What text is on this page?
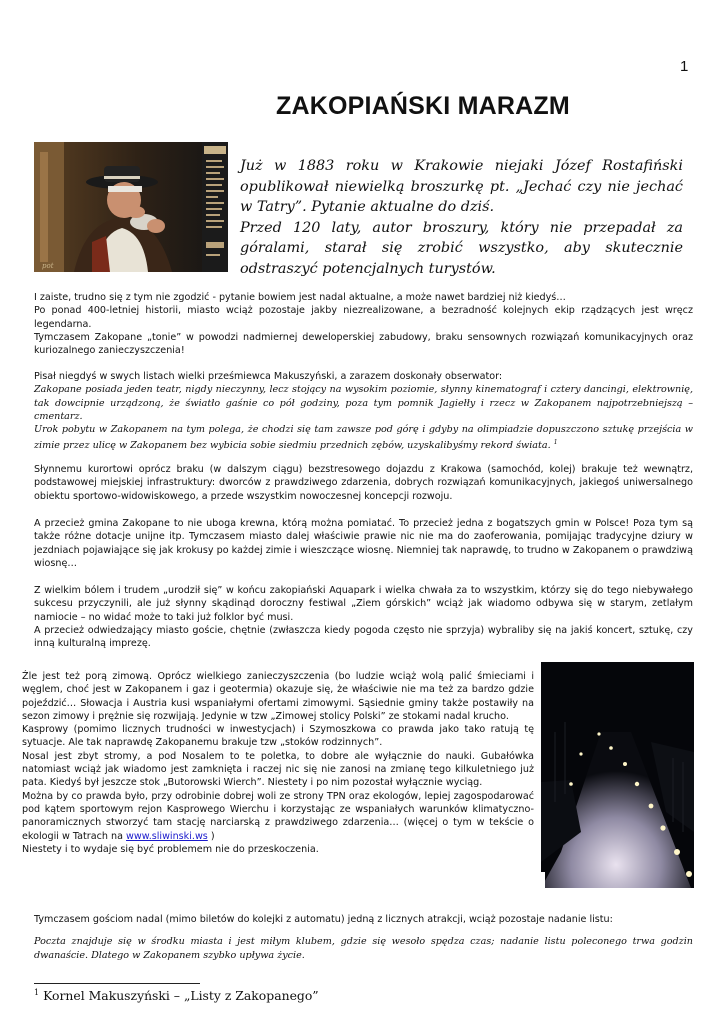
1
ZAKOPIAŃSKI MARAZM
pot

Już w 1883 roku w Krakowie niejaki Józef Rostafiński opublikował niewielką broszurkę pt. „Jechać czy nie jechać w Tatry”. Pytanie aktualne do dziś.

Przed 120 laty, autor broszury, który nie przepadał za góralami, starał się zrobić wszystko, aby skutecznie odstraszyć potencjalnych turystów.

I zaiste, trudno się z tym nie zgodzić - pytanie bowiem jest nadal aktualne, a może nawet bardziej niż kiedyś…

Po ponad 400-letniej historii, miasto wciąż pozostaje jakby niezrealizowane, a bezradność kolejnych ekip rządzących jest wręcz legendarna.

Tymczasem Zakopane „tonie” w powodzi nadmiernej deweloperskiej zabudowy, braku sensownych rozwiązań komunikacyjnych oraz kuriozalnego zanieczyszczenia!

Pisał niegdyś w swych listach wielki prześmiewca Makuszyński, a zarazem doskonały obserwator:

Zakopane posiada jeden teatr, nigdy nieczynny, lecz stojący na wysokim poziomie, słynny kinematograf i cztery dancingi, elektrownię, tak dowcipnie urządzoną, że światło gaśnie co pół godziny, poza tym pomnik Jagiełły i rzecz w Zakopanem najpotrzebniejszą – cmentarz.

Urok pobytu w Zakopanem na tym polega, że chodzi się tam zawsze pod górę i gdyby na olimpiadzie dopuszczono sztukę przejścia w zimie przez ulicę w Zakopanem bez wybicia sobie siedmiu przednich zębów, uzyskalibyśmy rekord świata. $^1$

Słynnemu kurortowi oprócz braku (w dalszym ciągu) bezstresowego dojazdu z Krakowa (samochód, kolej) brakuje też wewnątrz, podstawowej miejskiej infrastruktury: dworców z prawdziwego zdarzenia, dobrych rozwiązań komunikacyjnych, jakiegoś uniwersalnego obiektu sportowo-widowiskowego, a przede wszystkim nowoczesnej koncepcji rozwoju.

A przecież gmina Zakopane to nie uboga krewna, którą można pomiatać. To przecież jedna z bogatszych gmin w Polsce! Poza tym są także różne dotacje unijne itp. Tymczasem miasto dalej właściwie prawie nic nie ma do zaoferowania, pomijając tradycyjne dziury w jezdniach pojawiające się jak krokusy po każdej zimie i wieszczące wiosnę. Niemniej tak naprawdę, to trudno w Zakopanem o prawdziwą wiosnę…

Z wielkim bólem i trudem „urodził się” w końcu zakopiański Aquapark i wielka chwała za to wszystkim, którzy się do tego niebywałego sukcesu przyczynili, ale już słynny skądinąd doroczny festiwal „Ziem górskich” wciąż jak wiadomo odbywa się w starym, zetlałym namiocie – no widać może to taki już folklor być musi.

A przecież odwiedzający miasto goście, chętnie (zwłaszcza kiedy pogoda często nie sprzyja) wybraliby się na jakiś koncert, sztukę, czy inną kulturalną imprezę.

Źle jest też porą zimową. Oprócz wielkiego zanieczyszczenia (bo ludzie wciąż wolą palić śmieciami i węglem, choć jest w Zakopanem i gaz i geotermia) okazuje się, że właściwie nie ma też za bardzo gdzie pojeździć… Słowacja i Austria kusi wspaniałymi ofertami zimowymi. Sąsiednie gminy także postawiły na sezon zimowy i prężnie się rozwijają. Jedynie w tzw „Zimowej stolicy Polski” ze stokami nadal krucho.

Kasprowy (pomimo licznych trudności w inwestycjach) i Szymoszkowa co prawda jako tako ratują tę sytuacje. Ale tak naprawdę Zakopanemu brakuje tzw „stoków rodzinnych”.

Nosal jest zbyt stromy, a pod Nosalem to te poletka, to dobre ale wyłącznie do nauki. Gubałówka natomiast wciąż jak wiadomo jest zamknięta i raczej nic się nie zanosi na zmianę tego kilkuletniego już pata. Kiedyś był jeszcze stok „Butorowski Wierch”. Niestety i po nim pozostał wyłącznie wyciąg.

Można by co prawda było, przy odrobinie dobrej woli ze strony TPN oraz ekologów, lepiej zagospodarować pod kątem sportowym rejon Kasprowego Wierchu i korzystając ze wspaniałych warunków klimatyczno-panoramicznych stworzyć tam stację narciarską z prawdziwego zdarzenia… (więcej o tym w tekście o ekologii w Tatrach na www.sliwinski.ws )

Niestety i to wydaje się być problemem nie do przeskoczenia.

Tymczasem gościom nadal (mimo biletów do kolejki z automatu) jedną z licznych atrakcji, wciąż pozostaje nadanie listu:

Poczta znajduje się w środku miasta i jest miłym klubem, gdzie się wesoło spędza czas; nadanie listu poleconego trwa godzin dwanaście. Dlatego w Zakopanem szybko upływa życie.

$^1$ Kornel Makuszyński – „Listy z Zakopanego”
